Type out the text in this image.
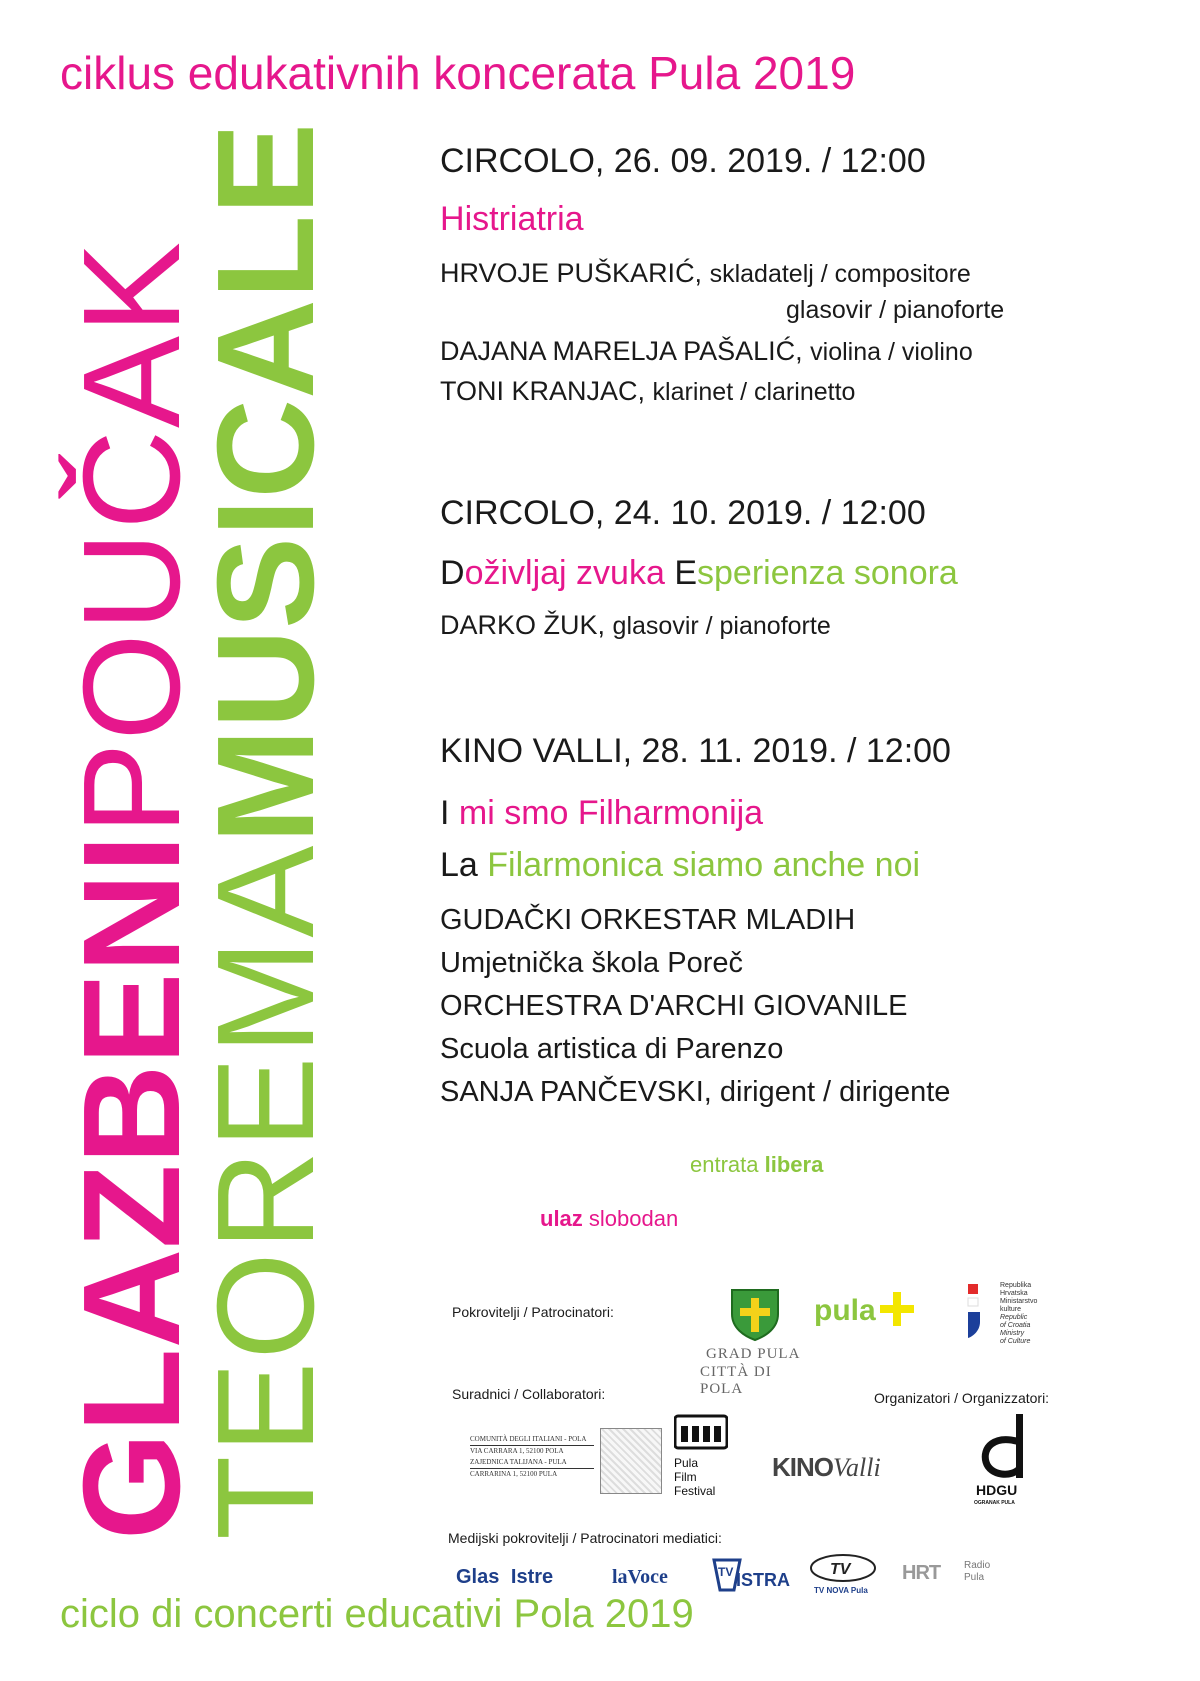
ciklus edukativnih koncerata Pula 2019
GLAZBENIPOUČAK
TEOREMAMUSICALE	CIRCOLO, 26. 09. 2019. / 12:00
Histriatria
HRVOJE PUŠKARIĆ, skladatelj / compositore
glasovir / pianoforte
DAJANA MARELJA PAŠALIĆ, violina / violino
TONI KRANJAC, klarinet / clarinetto
CIRCOLO, 24. 10. 2019. / 12:00
Doživljaj zvuka Esperienza sonora
DARKO ŽUK, glasovir / pianoforte
KINO VALLI, 28. 11. 2019. / 12:00
I mi smo Filharmonija
La Filarmonica siamo anche noi
GUDAČKI ORKESTAR MLADIH
Umjetnička škola Poreč
ORCHESTRA D'ARCHI GIOVANILE
Scuola artistica di Parenzo
SANJA PANČEVSKI, dirigent / dirigente
entrata libera
ulaz slobodan
Pokrovitelji / Patrocinatori:
GRAD PULA
CITTÀ DI POLA
pula
Republika
Hrvatska
Ministarstvo
kulture
Republic
of Croatia
Ministry
of Culture
Suradnici / Collaboratori:	Organizatori / Organizzatori:
COMUNITÀ DEGLI ITALIANI - POLA
VIA CARRARA 1, 52100 POLA
ZAJEDNICA TALIJANA - PULA
CARRARINA 1, 52100 PULA
Pula
Film
Festival
KINOValli
HDGU
OGRANAK PULA
Medijski pokrovitelji / Patrocinatori mediatici:
Glas Istre	laVoce	TV ISTRA
TV
TV NOVA Pula
HRT Radio
Pula
ciclo di concerti educativi Pola 2019
